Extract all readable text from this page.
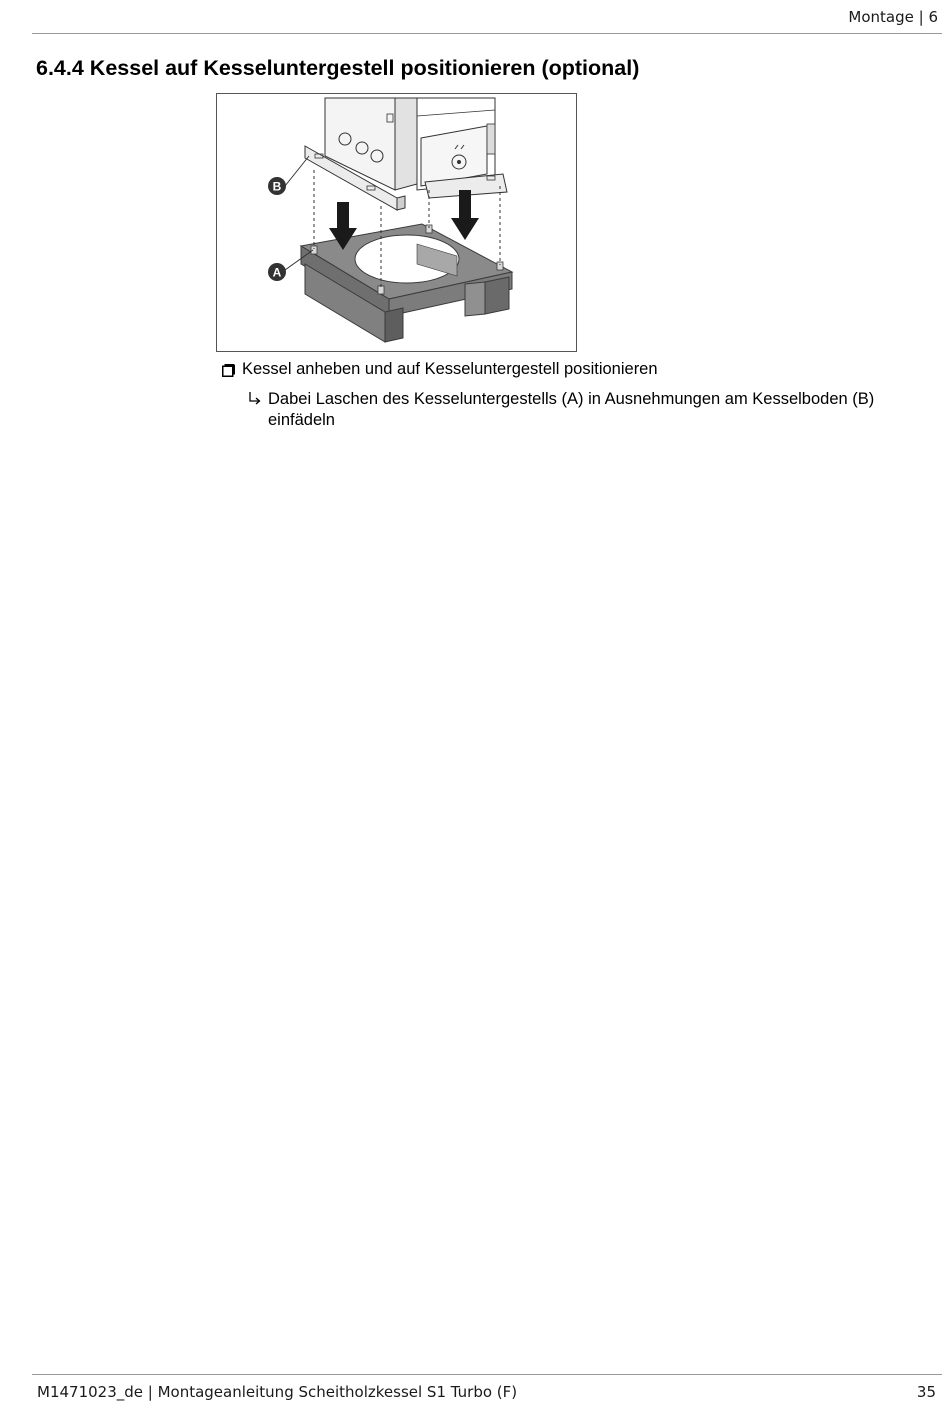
Montage | 6
6.4.4 Kessel auf Kesseluntergestell positionieren (optional)
B
A
Kessel anheben und auf Kesseluntergestell positionieren
Dabei Laschen des Kesseluntergestells (A) in Ausnehmungen am Kesselboden (B) einfädeln
M1471023_de | Montageanleitung Scheitholzkessel S1 Turbo (F)	35
